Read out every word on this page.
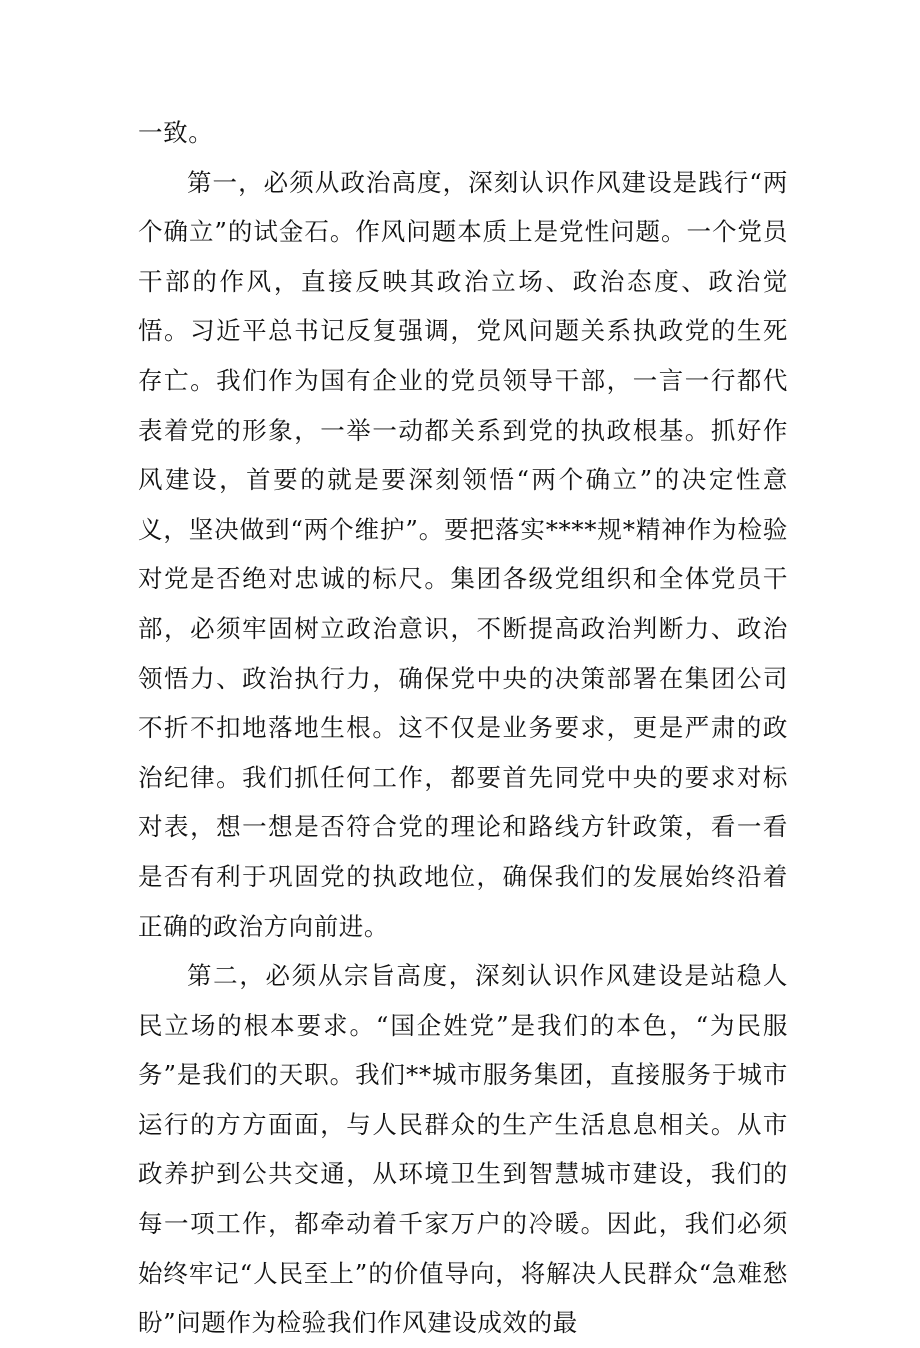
一致。

第一，必须从政治高度，深刻认识作风建设是践行“两个确立”的试金石。作风问题本质上是党性问题。一个党员干部的作风，直接反映其政治立场、政治态度、政治觉悟。习近平总书记反复强调，党风问题关系执政党的生死存亡。我们作为国有企业的党员领导干部，一言一行都代表着党的形象，一举一动都关系到党的执政根基。抓好作风建设，首要的就是要深刻领悟“两个确立”的决定性意义，坚决做到“两个维护”。要把落实****规*精神作为检验对党是否绝对忠诚的标尺。集团各级党组织和全体党员干部，必须牢固树立政治意识，不断提高政治判断力、政治领悟力、政治执行力，确保党中央的决策部署在集团公司不折不扣地落地生根。这不仅是业务要求，更是严肃的政治纪律。我们抓任何工作，都要首先同党中央的要求对标对表，想一想是否符合党的理论和路线方针政策，看一看是否有利于巩固党的执政地位，确保我们的发展始终沿着正确的政治方向前进。

第二，必须从宗旨高度，深刻认识作风建设是站稳人民立场的根本要求。“国企姓党”是我们的本色，“为民服务”是我们的天职。我们**城市服务集团，直接服务于城市运行的方方面面，与人民群众的生产生活息息相关。从市政养护到公共交通，从环境卫生到智慧城市建设，我们的每一项工作，都牵动着千家万户的冷暖。因此，我们必须始终牢记“人民至上”的价值导向，将解决人民群众“急难愁盼”问题作为检验我们作风建设成效的最
